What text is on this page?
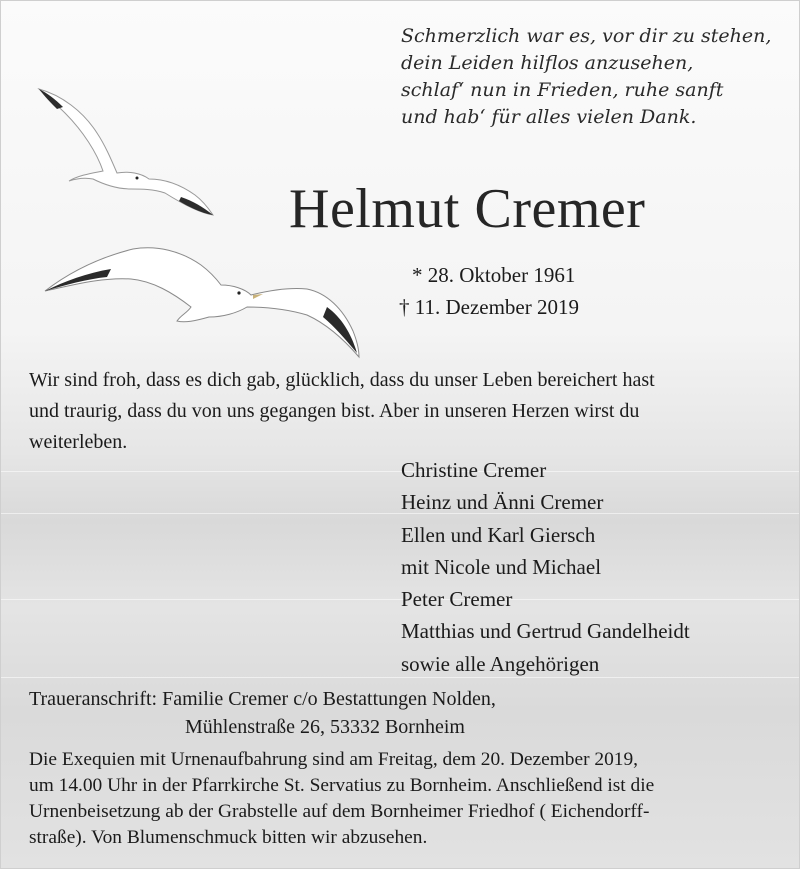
Schmerzlich war es, vor dir zu stehen,
dein Leiden hilflos anzusehen,
schlaf‘ nun in Frieden, ruhe sanft
und hab‘ für alles vielen Dank.
Helmut Cremer
* 28. Oktober 1961
† 11. Dezember 2019
Wir sind froh, dass es dich gab, glücklich, dass du unser Leben bereichert hast
und traurig, dass du von uns gegangen bist. Aber in unseren Herzen wirst du
weiterleben.
Christine Cremer
Heinz und Änni Cremer
Ellen und Karl Giersch
mit Nicole und Michael
Peter Cremer
Matthias und Gertrud Gandelheidt
sowie alle Angehörigen
Traueranschrift: Familie Cremer c/o Bestattungen Nolden,
Mühlenstraße 26, 53332 Bornheim
Die Exequien mit Urnenaufbahrung sind am Freitag, dem 20. Dezember 2019,
um 14.00 Uhr in der Pfarrkirche St. Servatius zu Bornheim. Anschließend ist die
Urnenbeisetzung ab der Grabstelle auf dem Bornheimer Friedhof ( Eichendorff-
straße). Von Blumenschmuck bitten wir abzusehen.
